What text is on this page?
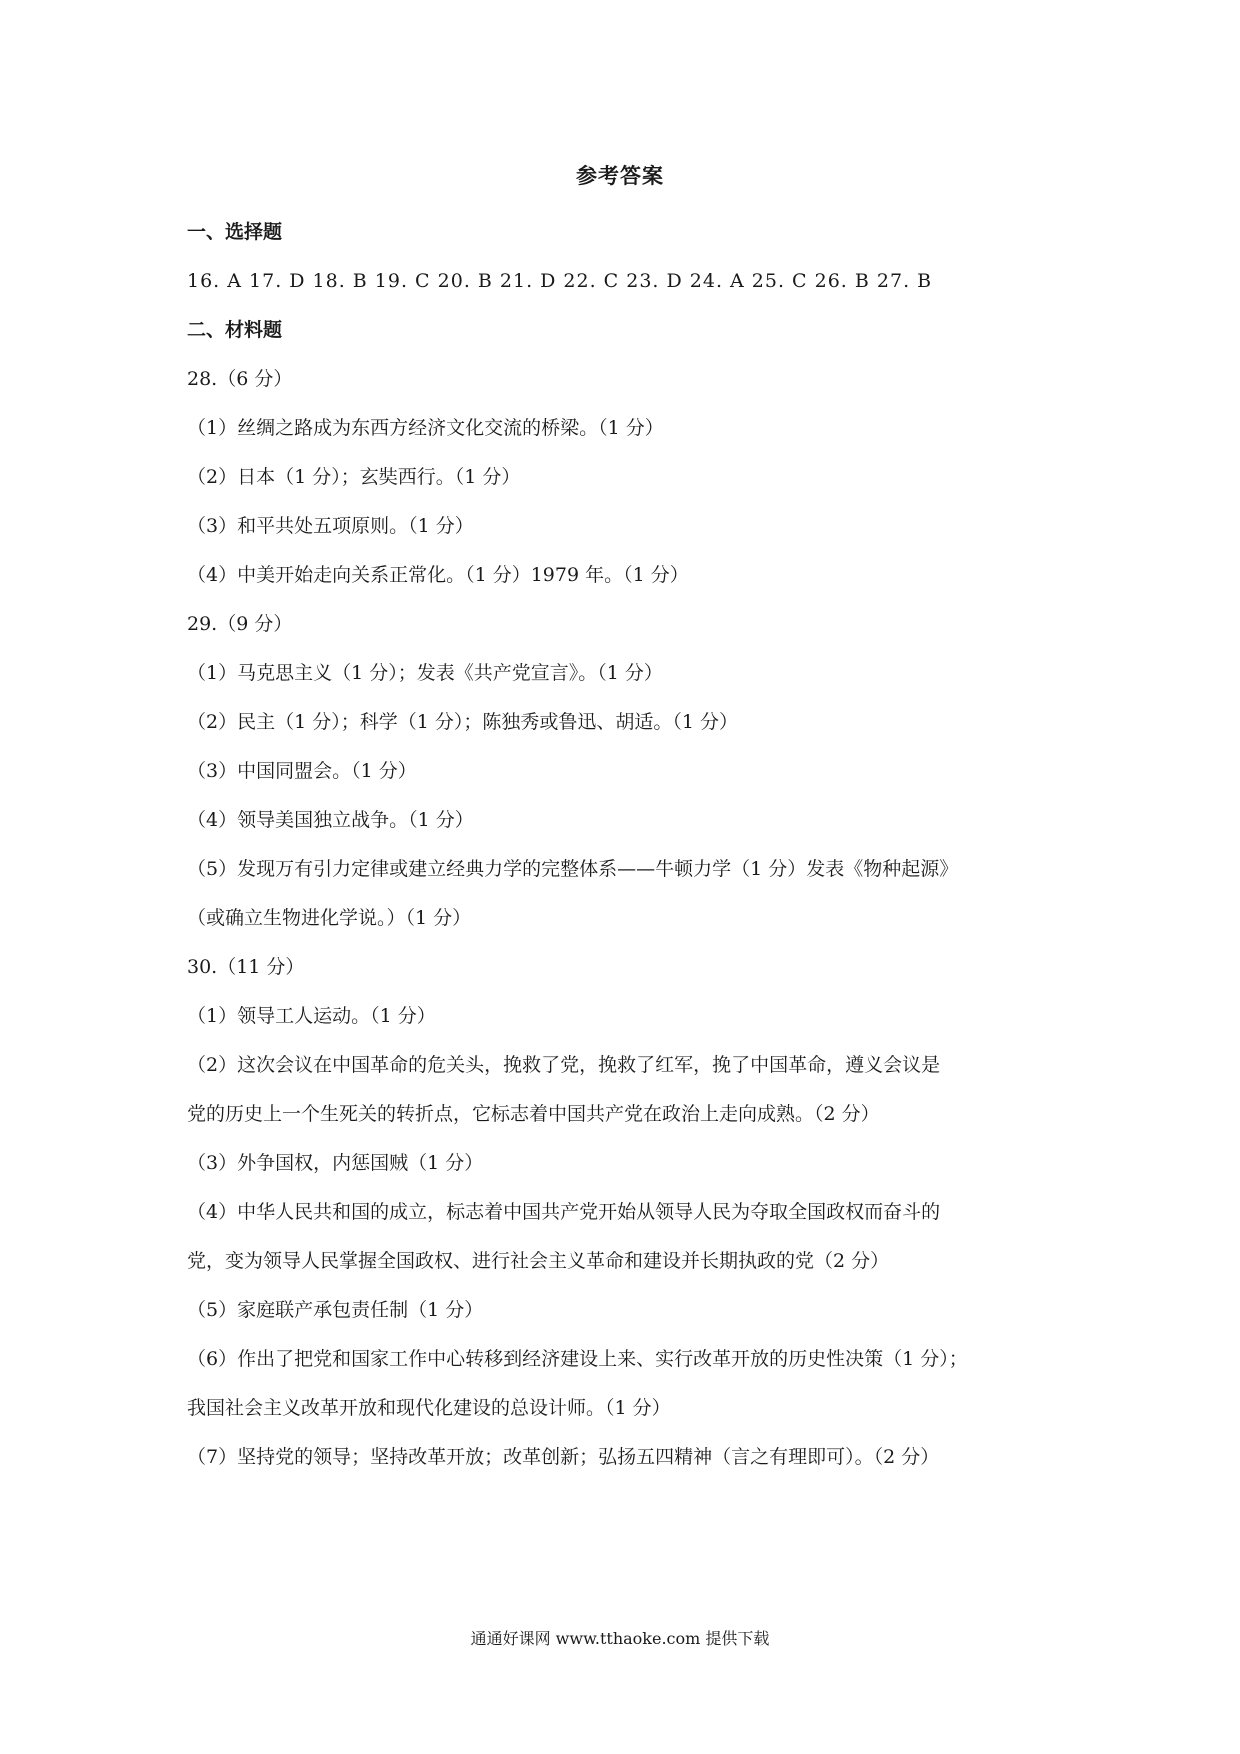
参考答案
一、选择题
16. A 17. D 18. B 19. C 20. B 21. D 22. C 23. D 24. A 25. C 26. B 27. B
二、材料题
28.（6 分）
（1）丝绸之路成为东西方经济文化交流的桥梁。（1 分）
（2）日本（1 分）；玄奘西行。（1 分）
（3）和平共处五项原则。（1 分）
（4）中美开始走向关系正常化。（1 分）1979 年。（1 分）
29.（9 分）
（1）马克思主义（1 分）；发表《共产党宣言》。（1 分）
（2）民主（1 分）；科学（1 分）；陈独秀或鲁迅、胡适。（1 分）
（3）中国同盟会。（1 分）
（4）领导美国独立战争。（1 分）
（5）发现万有引力定律或建立经典力学的完整体系——牛顿力学（1 分）发表《物种起源》
（或确立生物进化学说。）（1 分）
30.（11 分）
（1）领导工人运动。（1 分）
（2）这次会议在中国革命的危关头，挽救了党，挽救了红军，挽了中国革命，遵义会议是
党的历史上一个生死关的转折点，它标志着中国共产党在政治上走向成熟。（2 分）
（3）外争国权，内惩国贼（1 分）
（4）中华人民共和国的成立，标志着中国共产党开始从领导人民为夺取全国政权而奋斗的
党，变为领导人民掌握全国政权、进行社会主义革命和建设并长期执政的党（2 分）
（5）家庭联产承包责任制（1 分）
（6）作出了把党和国家工作中心转移到经济建设上来、实行改革开放的历史性决策（1 分）；
我国社会主义改革开放和现代化建设的总设计师。（1 分）
（7）坚持党的领导；坚持改革开放；改革创新；弘扬五四精神（言之有理即可）。（2 分）
通通好课网 www.tthaoke.com 提供下载
